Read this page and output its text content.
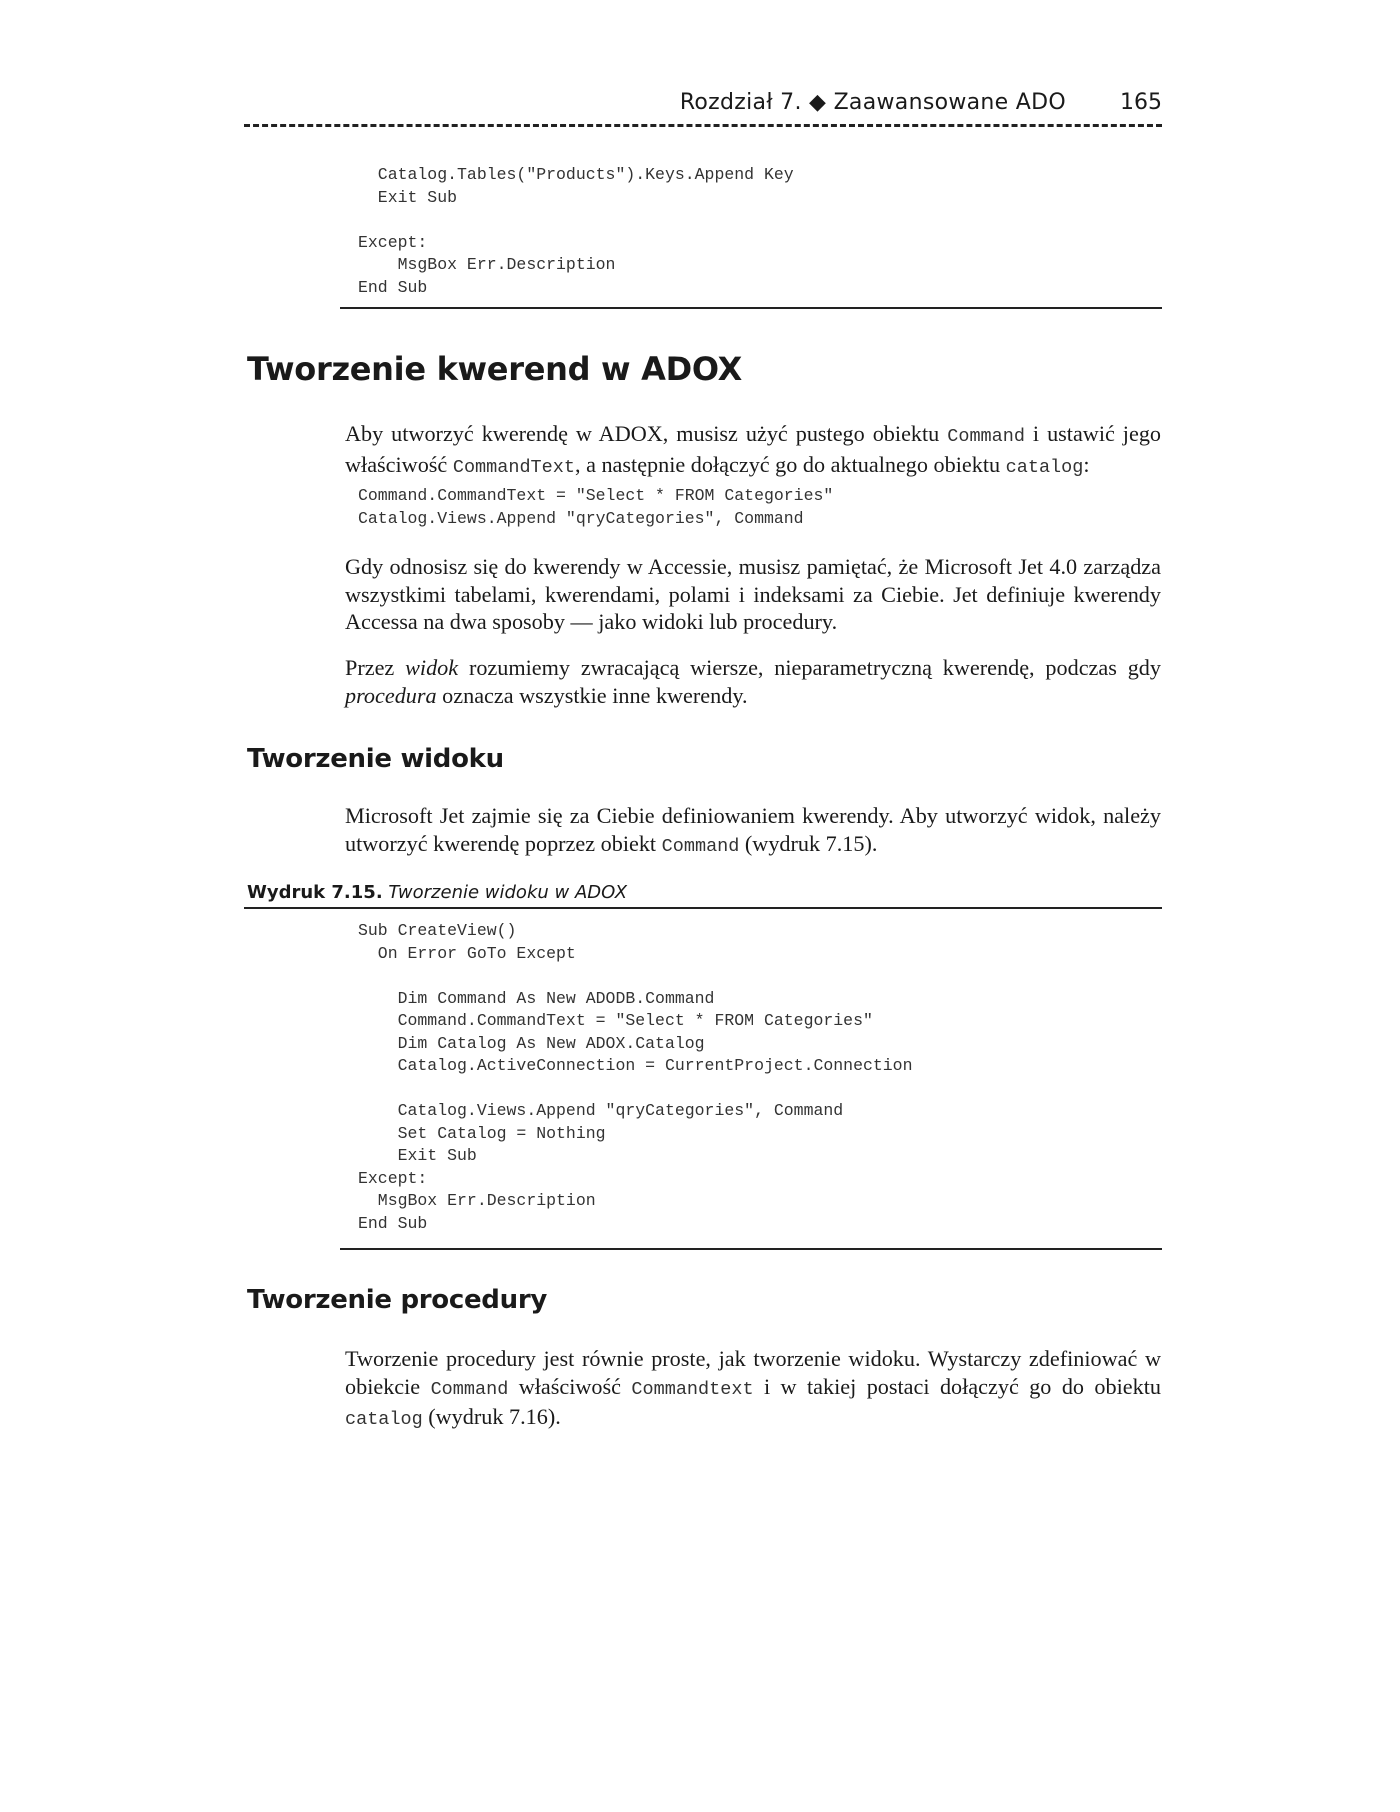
Rozdział 7. ◆ Zaawansowane ADO 165
Catalog.Tables("Products").Keys.Append Key
Exit Sub

Except:
MsgBox Err.Description
End Sub
Tworzenie kwerend w ADOX

Aby utworzyć kwerendę w ADOX, musisz użyć pustego obiektu Command i ustawić jego właściwość CommandText, a następnie dołączyć go do aktualnego obiektu catalog:

Command.CommandText = "Select * FROM Categories"
Catalog.Views.Append "qryCategories", Command

Gdy odnosisz się do kwerendy w Accessie, musisz pamiętać, że Microsoft Jet 4.0 zarządza wszystkimi tabelami, kwerendami, polami i indeksami za Ciebie. Jet definiuje kwerendy Accessa na dwa sposoby — jako widoki lub procedury.

Przez widok rozumiemy zwracającą wiersze, nieparametryczną kwerendę, podczas gdy procedura oznacza wszystkie inne kwerendy.

Tworzenie widoku

Microsoft Jet zajmie się za Ciebie definiowaniem kwerendy. Aby utworzyć widok, należy utworzyć kwerendę poprzez obiekt Command (wydruk 7.15).

Wydruk 7.15. Tworzenie widoku w ADOX
Sub CreateView()
On Error GoTo Except

Dim Command As New ADODB.Command
Command.CommandText = "Select * FROM Categories"
Dim Catalog As New ADOX.Catalog
Catalog.ActiveConnection = CurrentProject.Connection

Catalog.Views.Append "qryCategories", Command
Set Catalog = Nothing
Exit Sub
Except:
MsgBox Err.Description
End Sub
Tworzenie procedury

Tworzenie procedury jest równie proste, jak tworzenie widoku. Wystarczy zdefiniować w obiekcie Command właściwość Commandtext i w takiej postaci dołączyć go do obiektu catalog (wydruk 7.16).
